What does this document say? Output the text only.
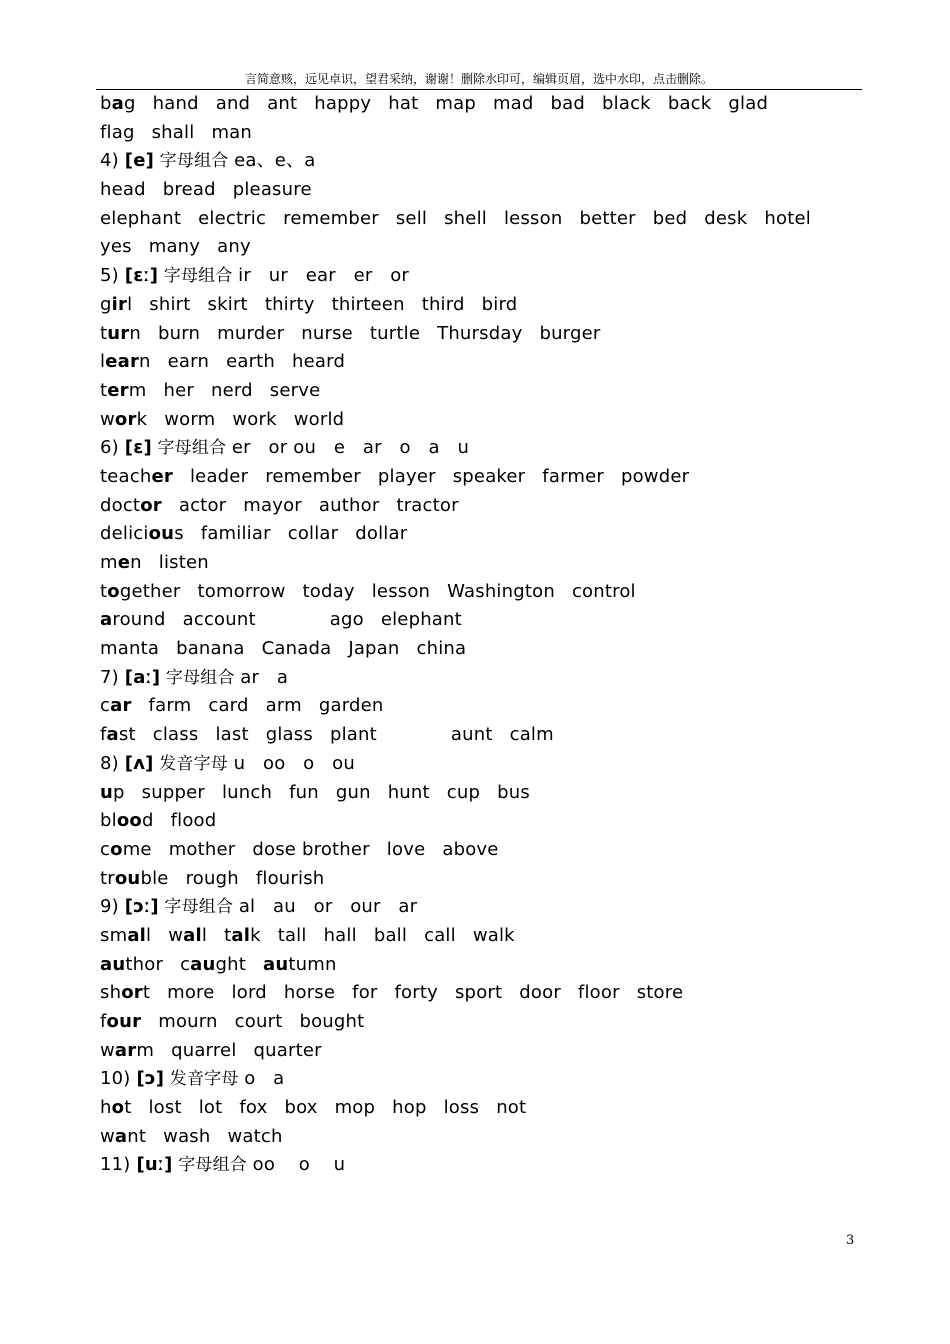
言简意赅，远见卓识，望君采纳，谢谢！删除水印可，编辑页眉，选中水印，点击删除。
bag hand and ant happy hat map mad bad black back glad
flag shall man
4) [e] 字母组合 ea、e、a
head bread pleasure
elephant electric remember sell shell lesson better bed desk hotel
yes many any
5) [ɛː] 字母组合 ir   ur   ear   er   or
girl shirt skirt thirty thirteen third bird
turn burn murder nurse turtle Thursday burger
learn earn earth heard
term her nerd serve
work worm work world
6) [ɛ] 字母组合 er   or ou   e   ar   o   a   u
teacher leader remember player speaker farmer powder
doctor actor mayor author tractor
delicious familiar collar dollar
men listen
together tomorrow today lesson Washington control
around account	ago elephant
manta banana Canada Japan china
7) [aː] 字母组合 ar   a
car farm card arm garden
fast class last glass plant	aunt calm
8) [ʌ] 发音字母 u   oo   o   ou
up supper lunch fun gun hunt cup bus
blood flood
come mother dose brother love above
trouble rough flourish
9) [ɔː] 字母组合 al   au   or   our   ar
small wall talk tall hall ball call walk
author caught autumn
short more lord horse for forty sport door floor store
four mourn court bought
warm quarrel quarter
10) [ɔ] 发音字母 o   a
hot lost lot fox box mop hop loss not
want wash watch
11) [uː] 字母组合 oo    o    u
3
